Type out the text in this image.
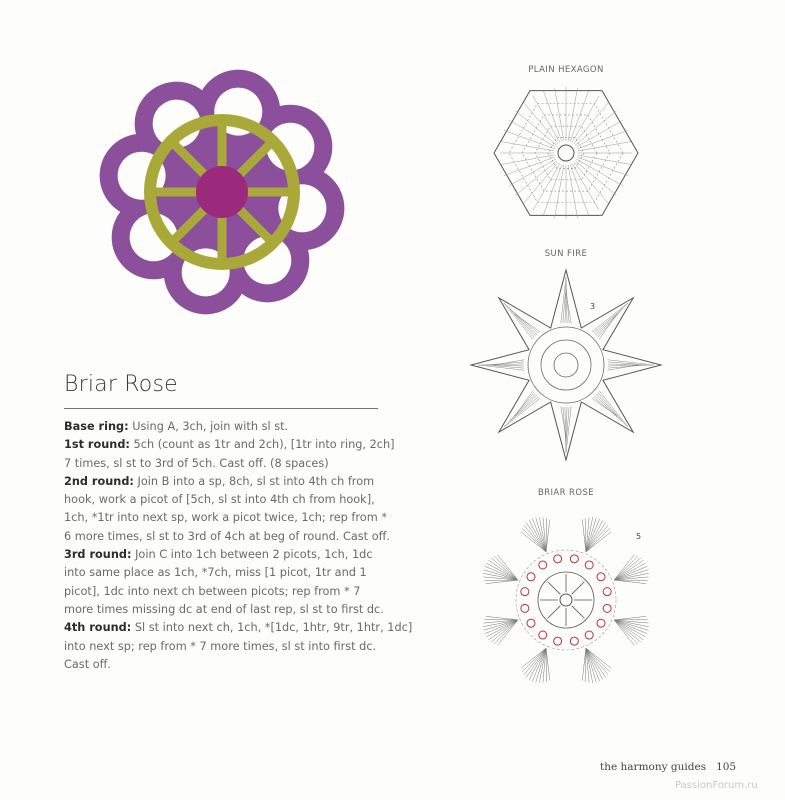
Briar Rose
Base ring: Using A, 3ch, join with sl st.
1st round: 5ch (count as 1tr and 2ch), [1tr into ring, 2ch]
7 times, sl st to 3rd of 5ch. Cast off. (8 spaces)
2nd round: Join B into a sp, 8ch, sl st into 4th ch from
hook, work a picot of [5ch, sl st into 4th ch from hook],
1ch, *1tr into next sp, work a picot twice, 1ch; rep from *
6 more times, sl st to 3rd of 4ch at beg of round. Cast off.
3rd round: Join C into 1ch between 2 picots, 1ch, 1dc
into same place as 1ch, *7ch, miss [1 picot, 1tr and 1
picot], 1dc into next ch between picots; rep from * 7
more times missing dc at end of last rep, sl st to first dc.
4th round: Sl st into next ch, 1ch, *[1dc, 1htr, 9tr, 1htr, 1dc]
into next sp; rep from * 7 more times, sl st into first dc.
Cast off.
PLAIN HEXAGON
SUN FIRE
3
BRIAR ROSE
5
the harmony guides 105
PassionForum.ru
